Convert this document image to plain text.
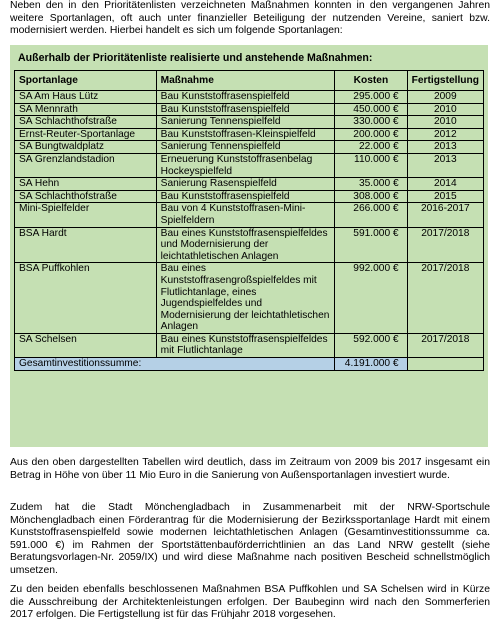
Neben den in den Prioritätenlisten verzeichneten Maßnahmen konnten in den vergangenen Jahren weitere Sportanlagen, oft auch unter finanzieller Beteiligung der nutzenden Vereine, saniert bzw. modernisiert werden. Hierbei handelt es sich um folgende Sportanlagen:

Außerhalb der Prioritätenliste realisierte und anstehende Maßnahmen:
Sportanlage	Maßnahme	Kosten	Fertigstellung
SA Am Haus Lütz	Bau Kunststoffrasenspielfeld	295.000 €	2009
SA Mennrath	Bau Kunststoffrasenspielfeld	450.000 €	2010
SA Schlachthofstraße	Sanierung Tennenspielfeld	330.000 €	2010
Ernst-Reuter-Sportanlage	Bau Kunststoffrasen-Kleinspielfeld	200.000 €	2012
SA Bungtwaldplatz	Sanierung Tennenspielfeld	22.000 €	2013
SA Grenzlandstadion	Erneuerung Kunststoffrasenbelag Hockeyspielfeld	110.000 €	2013
SA Hehn	Sanierung Rasenspielfeld	35.000 €	2014
SA Schlachthofstraße	Bau Kunststoffrasenspielfeld	308.000 €	2015
Mini-Spielfelder	Bau von 4 Kunststoffrasen-Mini-Spielfeldern	266.000 €	2016-2017
BSA Hardt	Bau eines Kunststoffrasenspielfeldes und Modernisierung der leichtathletischen Anlagen	591.000 €	2017/2018
BSA Puffkohlen	Bau eines Kunststoffrasengroßspielfeldes mit Flutlichtanlage, eines Jugendspielfeldes und Modernisierung der leichtathletischen Anlagen	992.000 €	2017/2018
SA Schelsen	Bau eines Kunststoffrasenspielfeldes mit Flutlichtanlage	592.000 €	2017/2018
Gesamtinvestitionssumme:		4.191.000 €	

Aus den oben dargestellten Tabellen wird deutlich, dass im Zeitraum von 2009 bis 2017 insgesamt ein Betrag in Höhe von über 11 Mio Euro in die Sanierung von Außensportanlagen investiert wurde.

Zudem hat die Stadt Mönchengladbach in Zusammenarbeit mit der NRW-Sportschule Mönchengladbach einen Förderantrag für die Modernisierung der Bezirkssportanlage Hardt mit einem Kunststoffrasenspielfeld sowie modernen leichtathletischen Anlagen (Gesamtinvestitionssumme ca. 591.000 €) im Rahmen der Sportstättenbauförderrichtlinien an das Land NRW gestellt (siehe Beratungsvorlagen-Nr. 2059/IX) und wird diese Maßnahme nach positiven Bescheid schnellstmöglich umsetzen.

Zu den beiden ebenfalls beschlossenen Maßnahmen BSA Puffkohlen und SA Schelsen wird in Kürze die Ausschreibung der Architektenleistungen erfolgen. Der Baubeginn wird nach den Sommerferien 2017 erfolgen. Die Fertigstellung ist für das Frühjahr 2018 vorgesehen.
